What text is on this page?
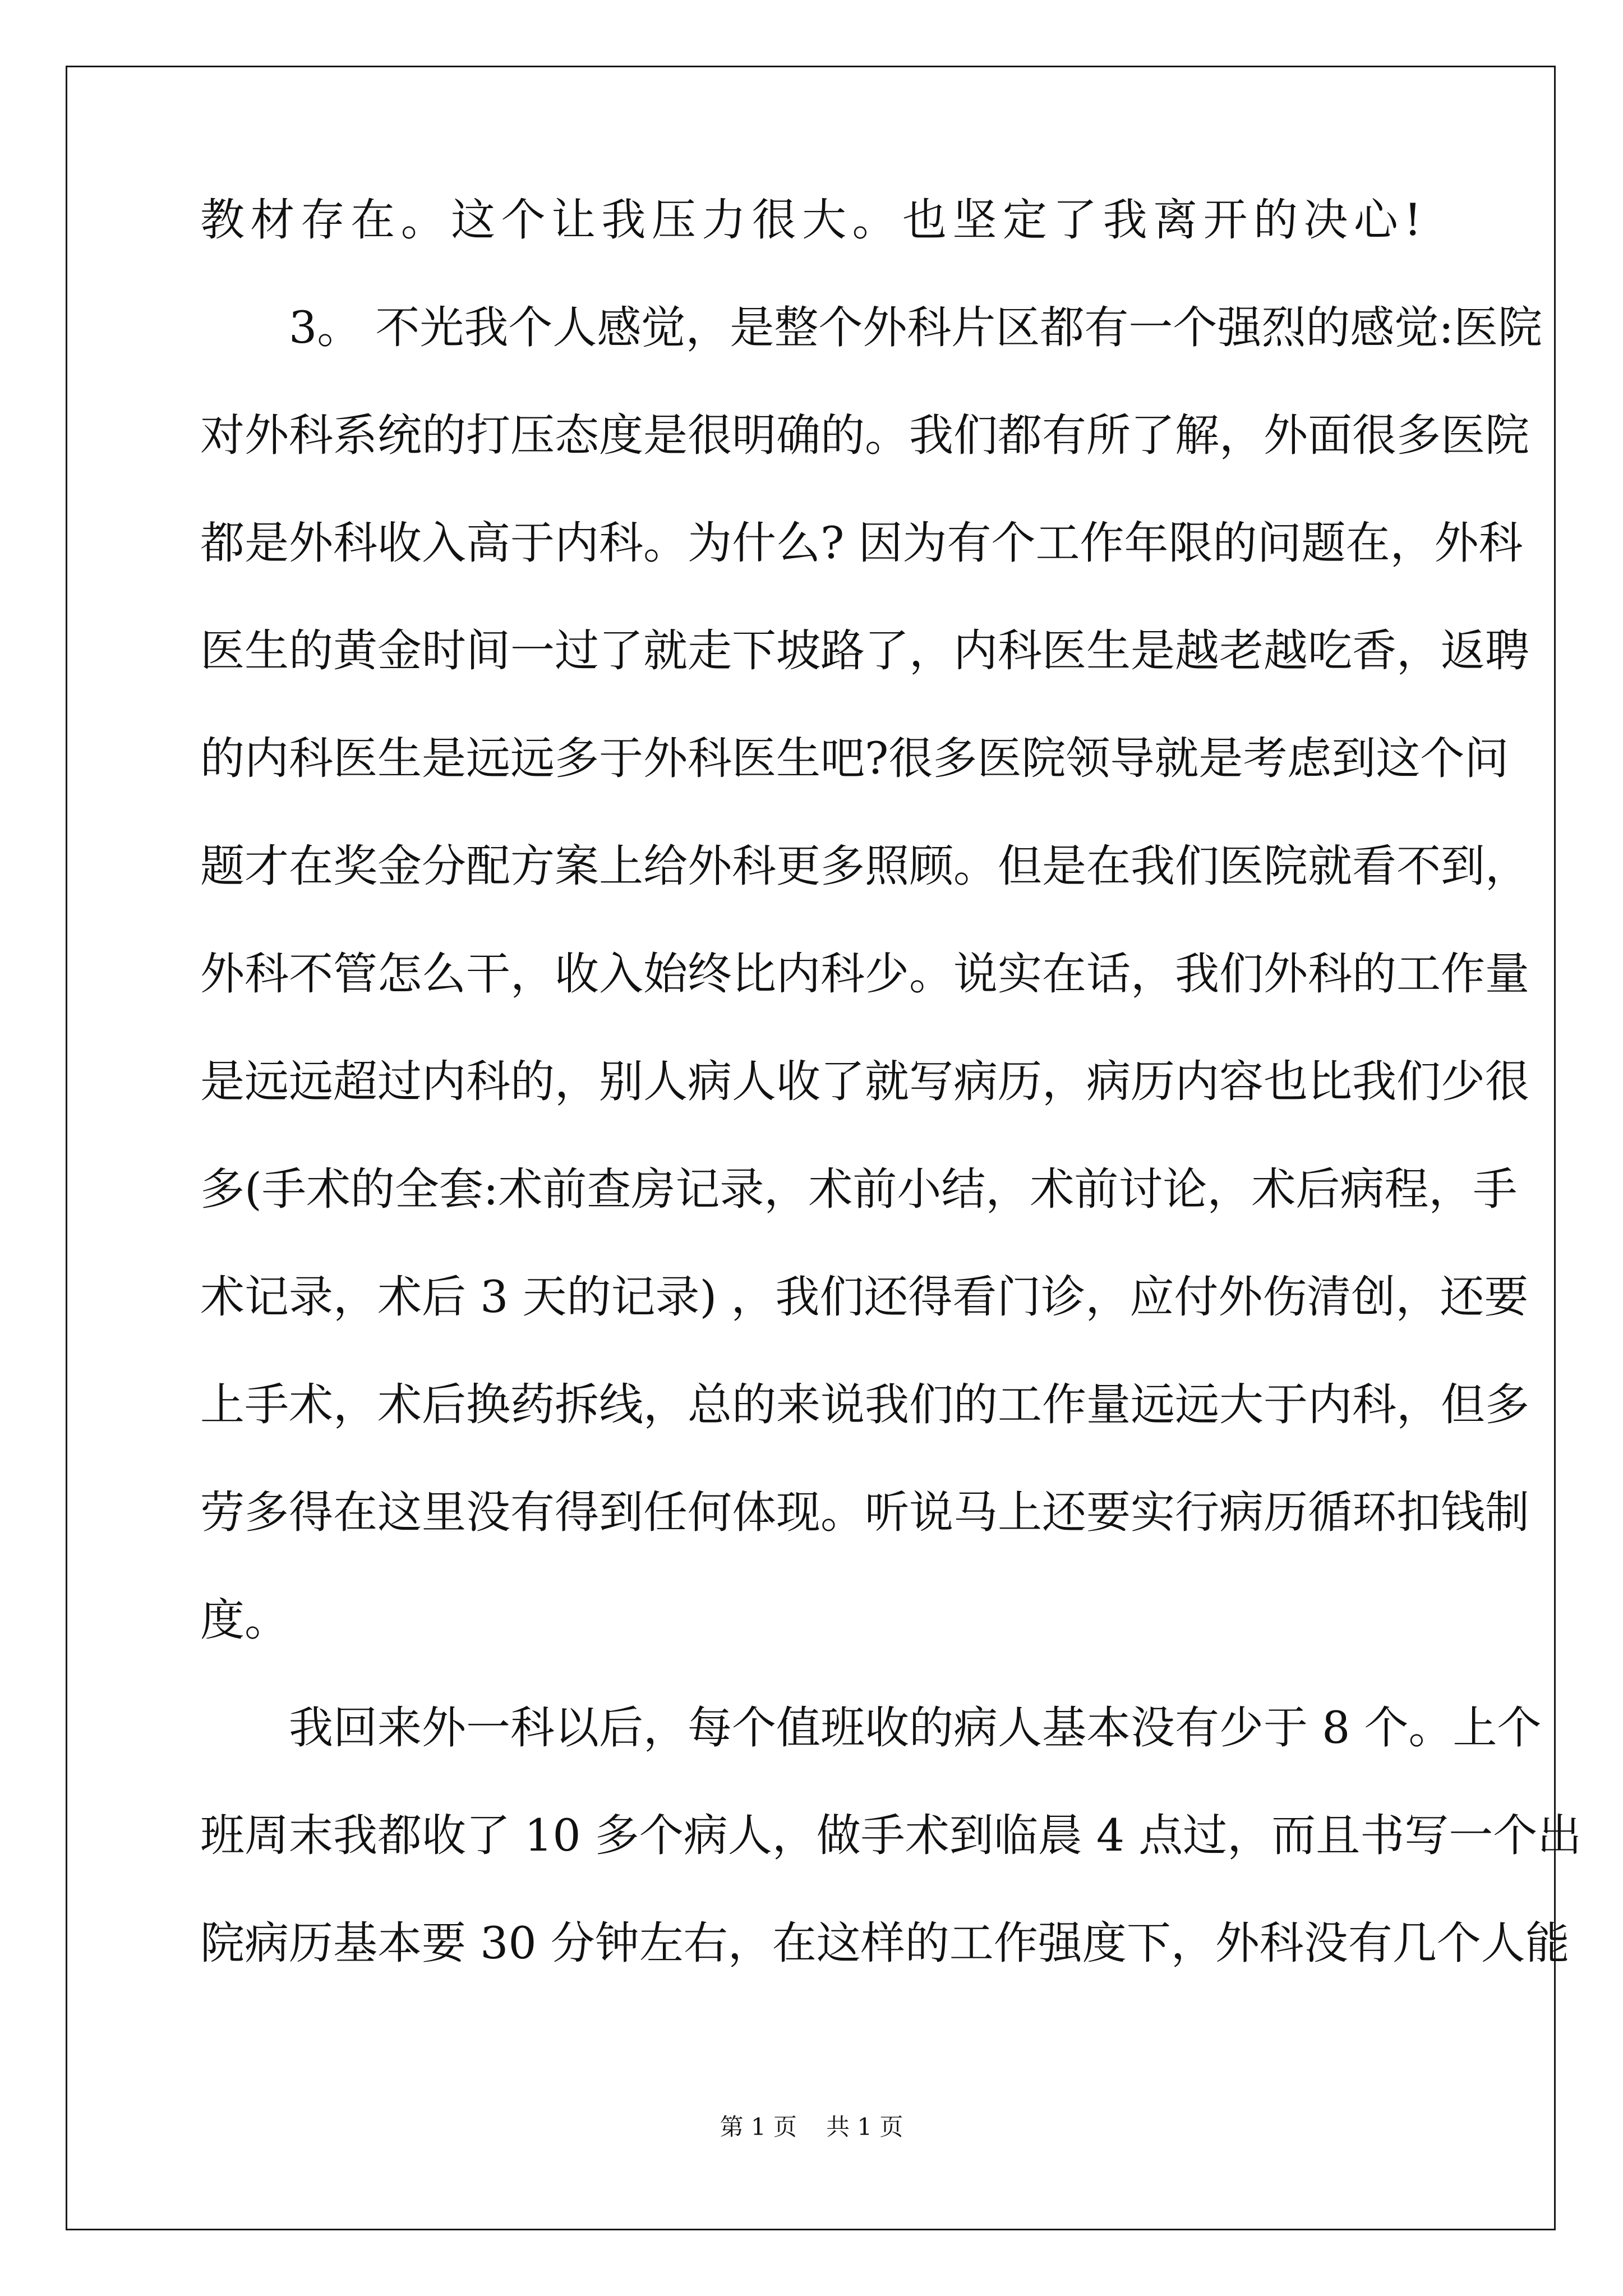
教材存在。这个让我压力很大。也坚定了我离开的决心!
3。 不光我个人感觉，是整个外科片区都有一个强烈的感觉:医院
对外科系统的打压态度是很明确的。我们都有所了解，外面很多医院
都是外科收入高于内科。为什么? 因为有个工作年限的问题在，外科
医生的黄金时间一过了就走下坡路了，内科医生是越老越吃香，返聘
的内科医生是远远多于外科医生吧?很多医院领导就是考虑到这个问
题才在奖金分配方案上给外科更多照顾。但是在我们医院就看不到，
外科不管怎么干，收入始终比内科少。说实在话，我们外科的工作量
是远远超过内科的，别人病人收了就写病历，病历内容也比我们少很
多(手术的全套:术前查房记录，术前小结，术前讨论，术后病程，手
术记录，术后 3 天的记录) ，我们还得看门诊，应付外伤清创，还要
上手术，术后换药拆线，总的来说我们的工作量远远大于内科，但多
劳多得在这里没有得到任何体现。听说马上还要实行病历循环扣钱制
度。
我回来外一科以后，每个值班收的病人基本没有少于 8 个。上个
班周末我都收了 10 多个病人，做手术到临晨 4 点过，而且书写一个出
院病历基本要 30 分钟左右，在这样的工作强度下，外科没有几个人能
第 1 页 共 1 页
